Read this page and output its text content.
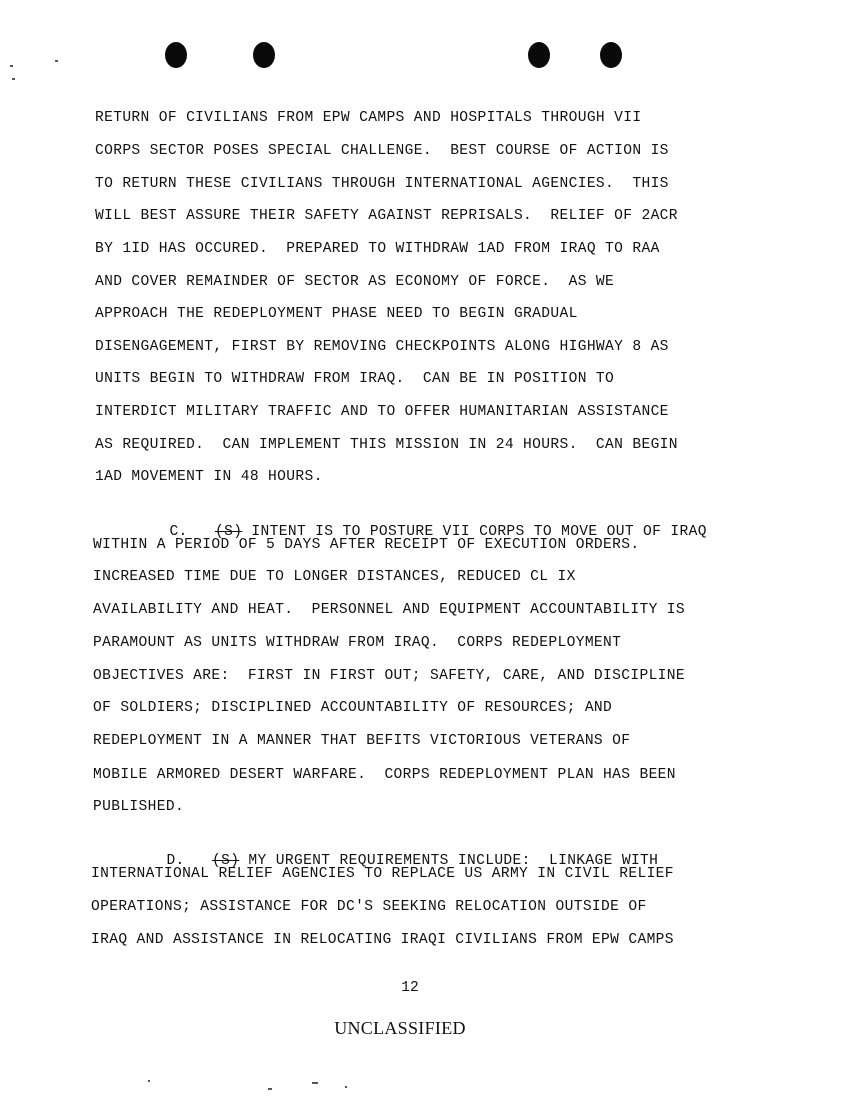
RETURN OF CIVILIANS FROM EPW CAMPS AND HOSPITALS THROUGH VII
CORPS SECTOR POSES SPECIAL CHALLENGE.  BEST COURSE OF ACTION IS
TO RETURN THESE CIVILIANS THROUGH INTERNATIONAL AGENCIES.  THIS
WILL BEST ASSURE THEIR SAFETY AGAINST REPRISALS.  RELIEF OF 2ACR
BY 1ID HAS OCCURED.  PREPARED TO WITHDRAW 1AD FROM IRAQ TO RAA
AND COVER REMAINDER OF SECTOR AS ECONOMY OF FORCE.  AS WE
APPROACH THE REDEPLOYMENT PHASE NEED TO BEGIN GRADUAL
DISENGAGEMENT, FIRST BY REMOVING CHECKPOINTS ALONG HIGHWAY 8 AS
UNITS BEGIN TO WITHDRAW FROM IRAQ.  CAN BE IN POSITION TO
INTERDICT MILITARY TRAFFIC AND TO OFFER HUMANITARIAN ASSISTANCE
AS REQUIRED.  CAN IMPLEMENT THIS MISSION IN 24 HOURS.  CAN BEGIN
1AD MOVEMENT IN 48 HOURS.

C. (S) INTENT IS TO POSTURE VII CORPS TO MOVE OUT OF IRAQ

WITHIN A PERIOD OF 5 DAYS AFTER RECEIPT OF EXECUTION ORDERS.
INCREASED TIME DUE TO LONGER DISTANCES, REDUCED CL IX
AVAILABILITY AND HEAT.  PERSONNEL AND EQUIPMENT ACCOUNTABILITY IS
PARAMOUNT AS UNITS WITHDRAW FROM IRAQ.  CORPS REDEPLOYMENT
OBJECTIVES ARE:  FIRST IN FIRST OUT; SAFETY, CARE, AND DISCIPLINE
OF SOLDIERS; DISCIPLINED ACCOUNTABILITY OF RESOURCES; AND
REDEPLOYMENT IN A MANNER THAT BEFITS VICTORIOUS VETERANS OF
MOBILE ARMORED DESERT WARFARE.  CORPS REDEPLOYMENT PLAN HAS BEEN
PUBLISHED.

D. (S) MY URGENT REQUIREMENTS INCLUDE:  LINKAGE WITH

INTERNATIONAL RELIEF AGENCIES TO REPLACE US ARMY IN CIVIL RELIEF
OPERATIONS; ASSISTANCE FOR DC'S SEEKING RELOCATION OUTSIDE OF
IRAQ AND ASSISTANCE IN RELOCATING IRAQI CIVILIANS FROM EPW CAMPS
12
UNCLASSIFIED
